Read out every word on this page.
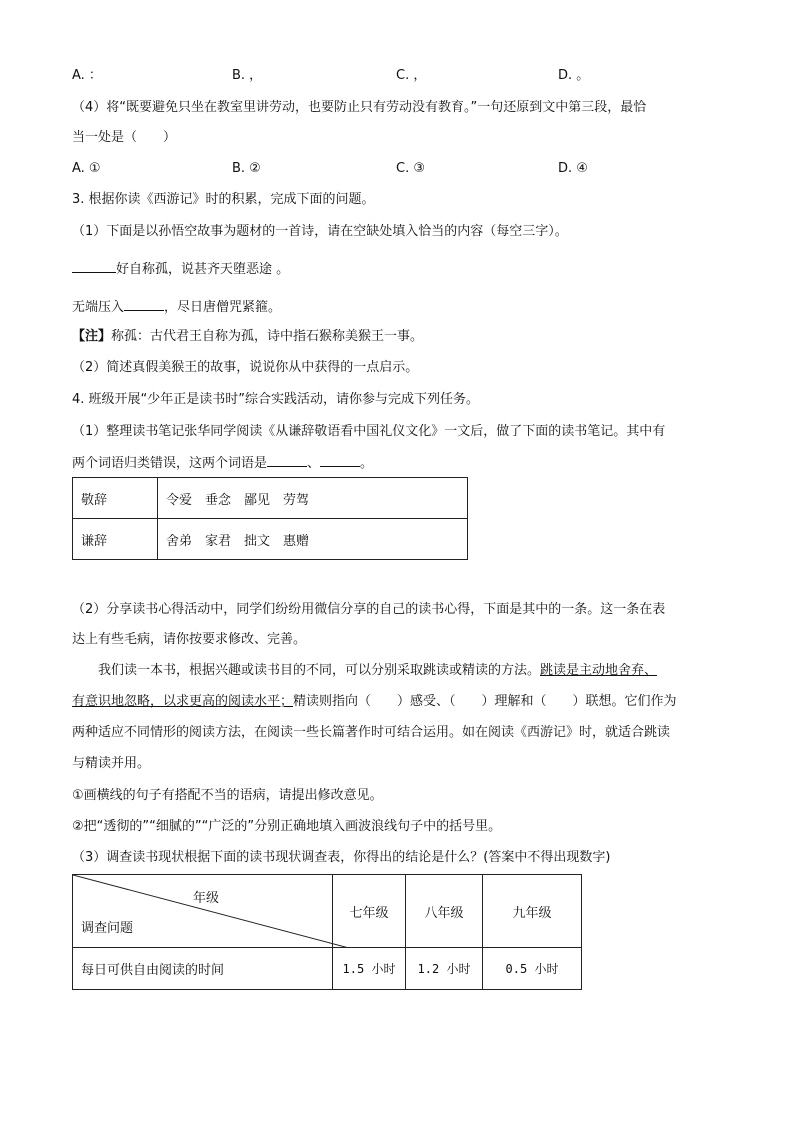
A. ：	B. ，	C. ，	D. 。
（4）将“既要避免只坐在教室里讲劳动，也要防止只有劳动没有教育。”一句还原到文中第三段，最恰
当一处是（　　）
A. ①	B. ②	C. ③	D. ④
3. 根据你读《西游记》时的积累，完成下面的问题。
（1）下面是以孙悟空故事为题材的一首诗，请在空缺处填入恰当的内容（每空三字）。
好自称孤，说甚齐天堕恶途 。
无端压入	，尽日唐僧咒紧箍。
【注】称孤：古代君王自称为孤，诗中指石猴称美猴王一事。
（2）简述真假美猴王的故事，说说你从中获得的一点启示。
4. 班级开展“少年正是读书时”综合实践活动，请你参与完成下列任务。
（1）整理读书笔记张华同学阅读《从谦辞敬语看中国礼仪文化》一文后，做了下面的读书笔记。其中有
两个词语归类错误，这两个词语是	、	。
敬辞	令爱　垂念　鄙见　劳驾
谦辞	舍弟　家君　拙文　惠赠
（2）分享读书心得活动中，同学们纷纷用微信分享的自己的读书心得，下面是其中的一条。这一条在表
达上有些毛病，请你按要求修改、完善。
我们读一本书，根据兴趣或读书目的不同，可以分别采取跳读或精读的方法。跳读是主动地舍弃、
有意识地忽略，以求更高的阅读水平；精读则指向（　　）感受、（　　）理解和（　　）联想。它们作为
两种适应不同情形的阅读方法，在阅读一些长篇著作时可结合运用。如在阅读《西游记》时，就适合跳读
与精读并用。
①画横线的句子有搭配不当的语病，请提出修改意见。
②把“透彻的”“细腻的”“广泛的”分别正确地填入画波浪线句子中的括号里。
（3）调查读书现状根据下面的读书现状调查表，你得出的结论是什么？(答案中不得出现数字)
年级
调查问题	七年级	八年级	九年级
每日可供自由阅读的时间	1.5 小时	1.2 小时	0.5 小时
